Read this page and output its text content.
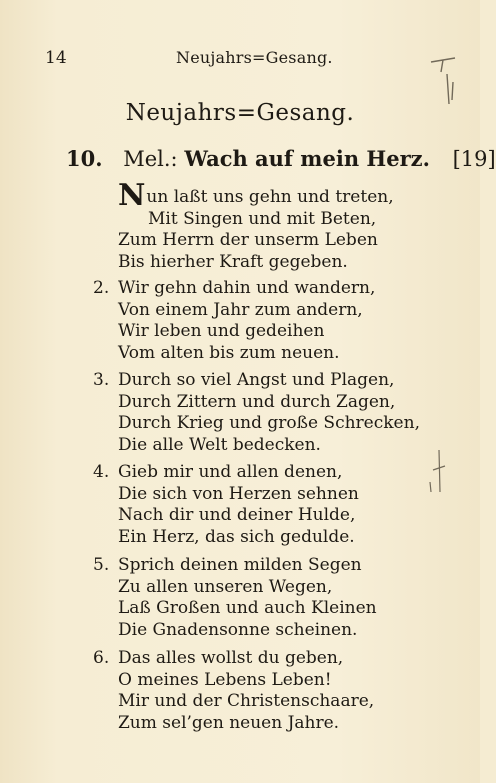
14	Neujahrs=Gesang.
Neujahrs=Gesang.
10. Mel.: Wach auf mein Herz. [19]
Nun laßt uns gehn und treten,
Mit Singen und mit Beten,
Zum Herrn der unserm Leben
Bis hierher Kraft gegeben.
2. Wir gehn dahin und wandern,
Von einem Jahr zum andern,
Wir leben und gedeihen
Vom alten bis zum neuen.
3. Durch so viel Angst und Plagen,
Durch Zittern und durch Zagen,
Durch Krieg und große Schrecken,
Die alle Welt bedecken.
4. Gieb mir und allen denen,
Die sich von Herzen sehnen
Nach dir und deiner Hulde,
Ein Herz, das sich gedulde.
5. Sprich deinen milden Segen
Zu allen unseren Wegen,
Laß Großen und auch Kleinen
Die Gnadensonne scheinen.
6. Das alles wollst du geben,
O meines Lebens Leben!
Mir und der Christenschaare,
Zum sel’gen neuen Jahre.
